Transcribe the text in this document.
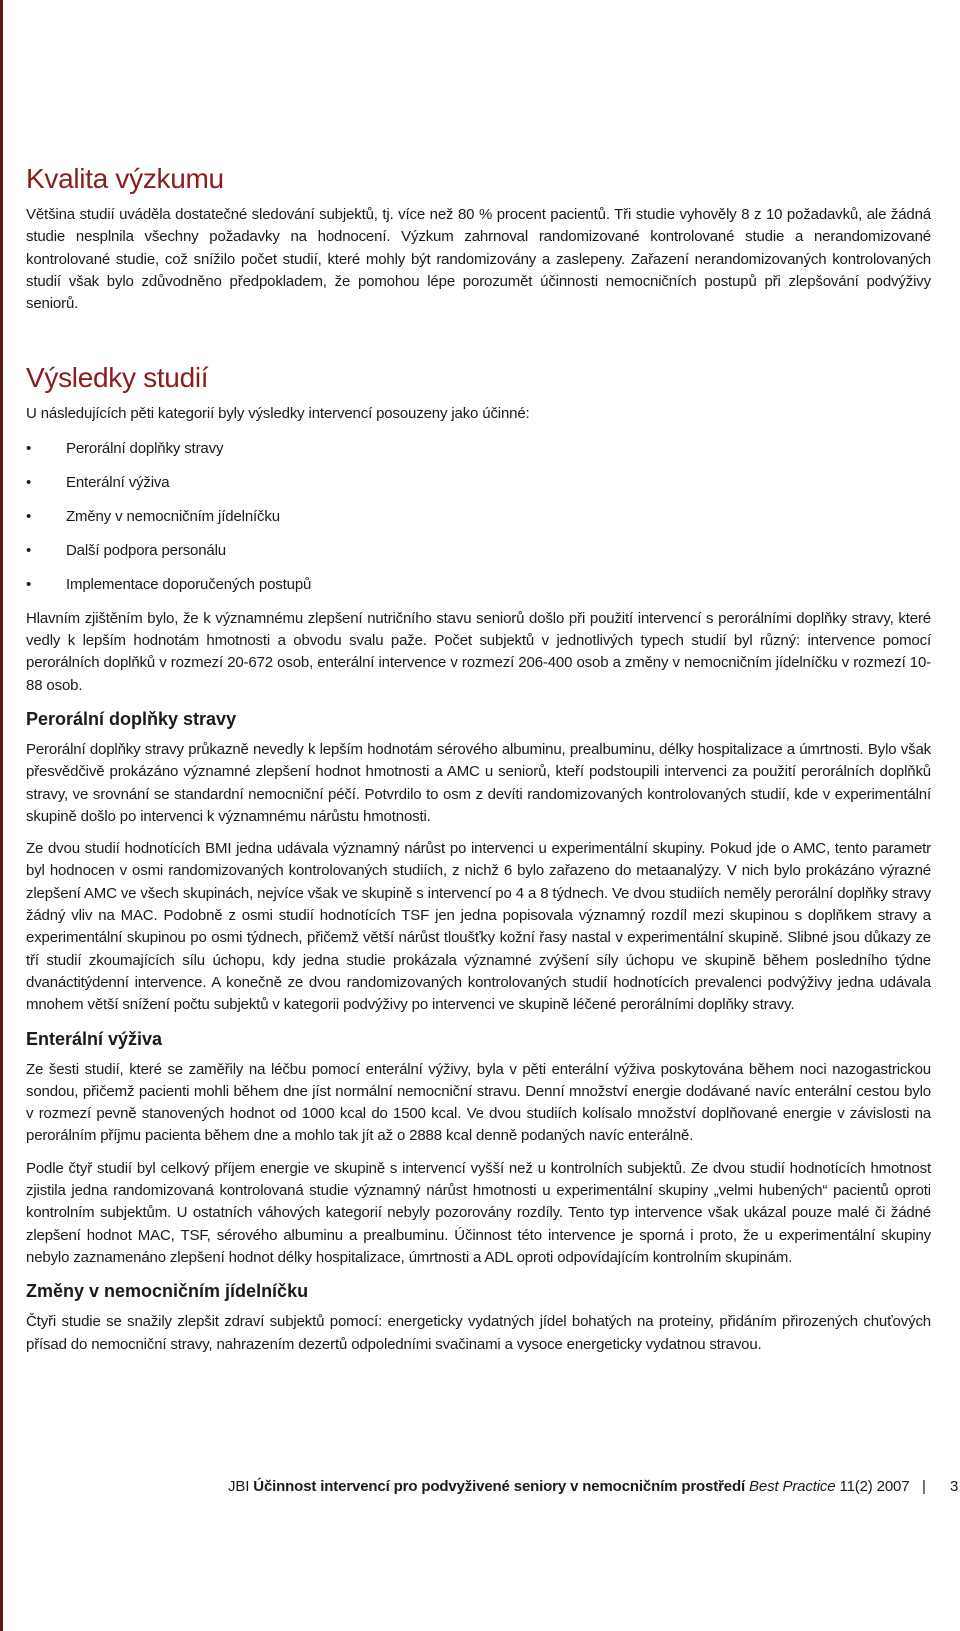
Kvalita výzkumu

Většina studií uváděla dostatečné sledování subjektů, tj. více než 80 % procent pacientů. Tři studie vyhověly 8 z 10 požadavků, ale žádná studie nesplnila všechny požadavky na hodnocení. Výzkum zahrnoval randomizované kontrolované studie a nerandomizované kontrolované studie, což snížilo počet studií, které mohly být randomizovány a zaslepeny. Zařazení nerandomizovaných kontrolovaných studií však bylo zdůvodněno předpokladem, že pomohou lépe porozumět účinnosti nemocničních postupů při zlepšování podvýživy seniorů.

Výsledky studií

U následujících pěti kategorií byly výsledky intervencí posouzeny jako účinné:

• Perorální doplňky stravy
• Enterální výživa
• Změny v nemocničním jídelníčku
• Další podpora personálu
• Implementace doporučených postupů

Hlavním zjištěním bylo, že k významnému zlepšení nutričního stavu seniorů došlo při použití intervencí s perorálními doplňky stravy, které vedly k lepším hodnotám hmotnosti a obvodu svalu paže. Počet subjektů v jednotlivých typech studií byl různý: intervence pomocí perorálních doplňků v rozmezí 20-672 osob, enterální intervence v rozmezí 206-400 osob a změny v nemocničním jídelníčku v rozmezí 10-88 osob.

Perorální doplňky stravy

Perorální doplňky stravy průkazně nevedly k lepším hodnotám sérového albuminu, prealbuminu, délky hospitalizace a úmrtnosti. Bylo však přesvědčivě prokázáno významné zlepšení hodnot hmotnosti a AMC u seniorů, kteří podstoupili intervenci za použití perorálních doplňků stravy, ve srovnání se standardní nemocniční péčí. Potvrdilo to osm z devíti randomizovaných kontrolovaných studií, kde v experimentální skupině došlo po intervenci k významnému nárůstu hmotnosti.

Ze dvou studií hodnotících BMI jedna udávala významný nárůst po intervenci u experimentální skupiny. Pokud jde o AMC, tento parametr byl hodnocen v osmi randomizovaných kontrolovaných studiích, z nichž 6 bylo zařazeno do metaanalýzy. V nich bylo prokázáno výrazné zlepšení AMC ve všech skupinách, nejvíce však ve skupině s intervencí po 4 a 8 týdnech. Ve dvou studiích neměly perorální doplňky stravy žádný vliv na MAC. Podobně z osmi studií hodnotících TSF jen jedna popisovala významný rozdíl mezi skupinou s doplňkem stravy a experimentální skupinou po osmi týdnech, přičemž větší nárůst tloušťky kožní řasy nastal v experimentální skupině. Slibné jsou důkazy ze tří studií zkoumajících sílu úchopu, kdy jedna studie prokázala významné zvýšení síly úchopu ve skupině během posledního týdne dvanáctitýdenní intervence. A konečně ze dvou randomizovaných kontrolovaných studií hodnotících prevalenci podvýživy jedna udávala mnohem větší snížení počtu subjektů v kategorii podvýživy po intervenci ve skupině léčené perorálními doplňky stravy.

Enterální výživa

Ze šesti studií, které se zaměřily na léčbu pomocí enterální výživy, byla v pěti enterální výživa poskytována během noci nazogastrickou sondou, přičemž pacienti mohli během dne jíst normální nemocniční stravu. Denní množství energie dodávané navíc enterální cestou bylo v rozmezí pevně stanovených hodnot od 1000 kcal do 1500 kcal. Ve dvou studiích kolísalo množství doplňované energie v závislosti na perorálním příjmu pacienta během dne a mohlo tak jít až o 2888 kcal denně podaných navíc enterálně.

Podle čtyř studií byl celkový příjem energie ve skupině s intervencí vyšší než u kontrolních subjektů. Ze dvou studií hodnotících hmotnost zjistila jedna randomizovaná kontrolovaná studie významný nárůst hmotnosti u experimentální skupiny „velmi hubených“ pacientů oproti kontrolním subjektům. U ostatních váhových kategorií nebyly pozorovány rozdíly. Tento typ intervence však ukázal pouze malé či žádné zlepšení hodnot MAC, TSF, sérového albuminu a prealbuminu. Účinnost této intervence je sporná i proto, že u experimentální skupiny nebylo zaznamenáno zlepšení hodnot délky hospitalizace, úmrtnosti a ADL oproti odpovídajícím kontrolním skupinám.

Změny v nemocničním jídelníčku

Čtyři studie se snažily zlepšit zdraví subjektů pomocí: energeticky vydatných jídel bohatých na proteiny, přidáním přirozených chuťových přísad do nemocniční stravy, nahrazením dezertů odpoledními svačinami a vysoce energeticky vydatnou stravou.

JBI Účinnost intervencí pro podvyživené seniory v nemocničním prostředí Best Practice 11(2) 2007 | 3
